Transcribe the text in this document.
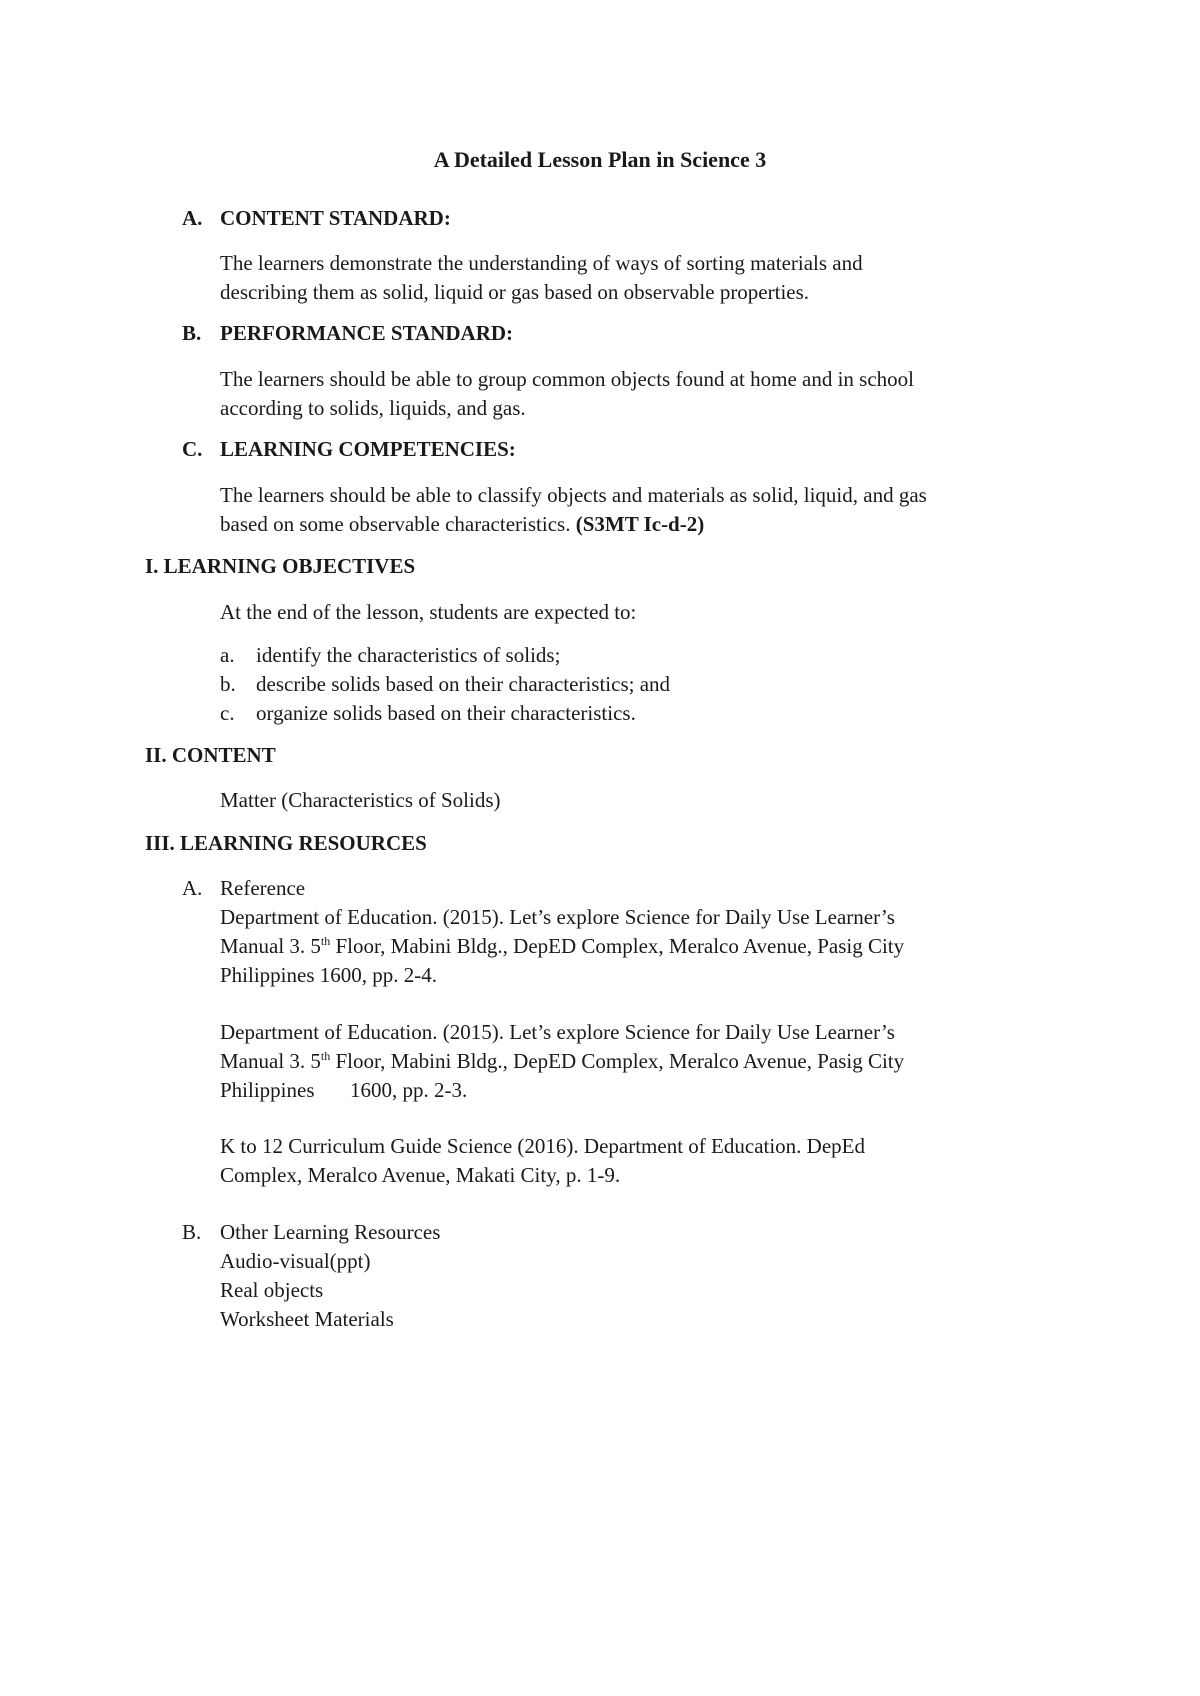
A Detailed Lesson Plan in Science 3
A. CONTENT STANDARD:
The learners demonstrate the understanding of ways of sorting materials and
describing them as solid, liquid or gas based on observable properties.
B. PERFORMANCE STANDARD:
The learners should be able to group common objects found at home and in school
according to solids, liquids, and gas.
C. LEARNING COMPETENCIES:
The learners should be able to classify objects and materials as solid, liquid, and gas
based on some observable characteristics. (S3MT Ic-d-2)
I. LEARNING OBJECTIVES
At the end of the lesson, students are expected to:
a. identify the characteristics of solids;
b. describe solids based on their characteristics; and
c. organize solids based on their characteristics.
II. CONTENT
Matter (Characteristics of Solids)
III. LEARNING RESOURCES
A. Reference
Department of Education. (2015). Let’s explore Science for Daily Use Learner’s
Manual 3. 5th Floor, Mabini Bldg., DepED Complex, Meralco Avenue, Pasig City
Philippines 1600, pp. 2-4.
Department of Education. (2015). Let’s explore Science for Daily Use Learner’s
Manual 3. 5th Floor, Mabini Bldg., DepED Complex, Meralco Avenue, Pasig City
Philippines 1600, pp. 2-3.
K to 12 Curriculum Guide Science (2016). Department of Education. DepEd
Complex, Meralco Avenue, Makati City, p. 1-9.
B. Other Learning Resources
Audio-visual(ppt)
Real objects
Worksheet Materials
